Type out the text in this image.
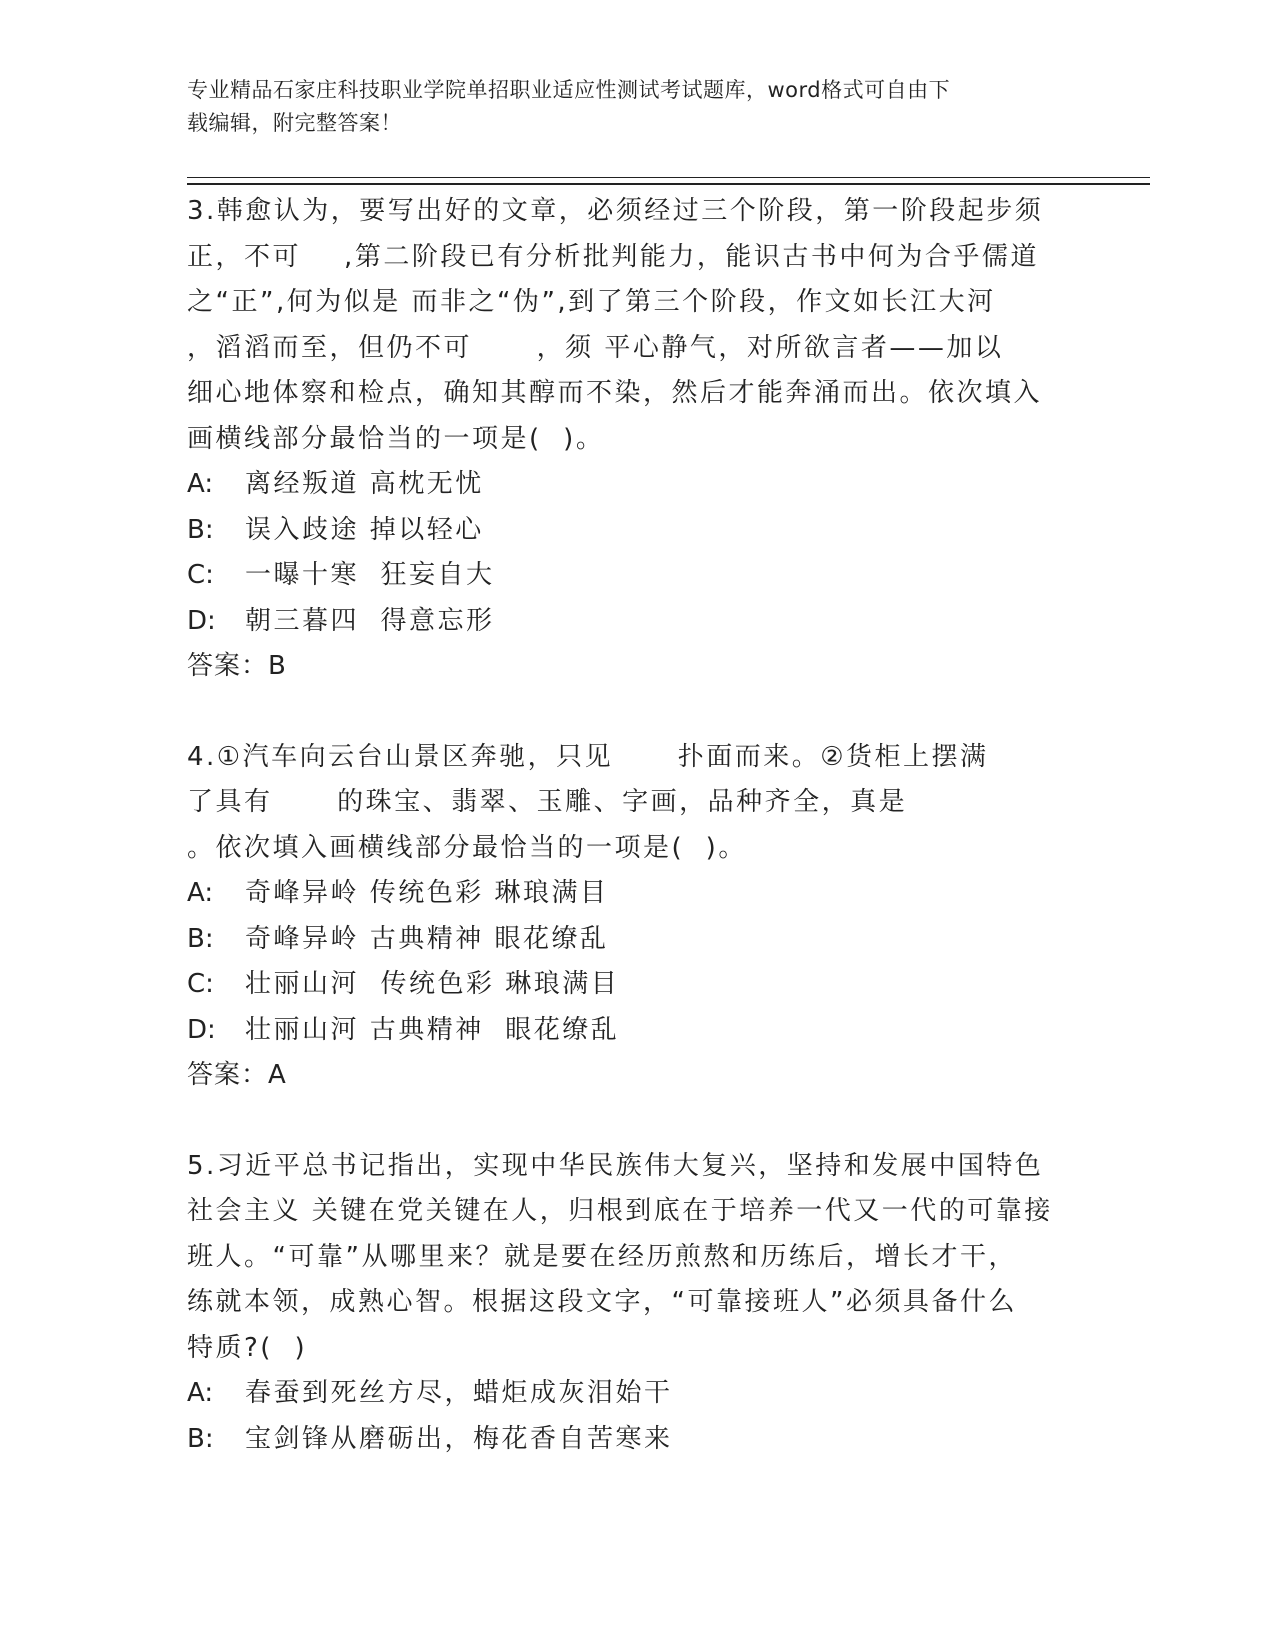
专业精品石家庄科技职业学院单招职业适应性测试考试题库，word格式可自由下

载编辑，附完整答案！

3.韩愈认为，要写出好的文章，必须经过三个阶段，第一阶段起步须

正，不可    ,第二阶段已有分析批判能力，能识古书中何为合乎儒道

之“正”,何为似是 而非之“伪”,到了第三个阶段，作文如长江大河

，滔滔而至，但仍不可      ，须 平心静气，对所欲言者——加以

细心地体察和检点，确知其醇而不染，然后才能奔涌而出。依次填入

画横线部分最恰当的一项是(  )。

A: 离经叛道 高枕无忧

B: 误入歧途 掉以轻心

C: 一曝十寒  狂妄自大

D: 朝三暮四  得意忘形

答案：B

4.①汽车向云台山景区奔驰，只见      扑面而来。②货柜上摆满

了具有      的珠宝、翡翠、玉雕、字画，品种齐全，真是

。依次填入画横线部分最恰当的一项是(  )。

A: 奇峰异岭 传统色彩 琳琅满目

B: 奇峰异岭 古典精神 眼花缭乱

C: 壮丽山河  传统色彩 琳琅满目

D: 壮丽山河 古典精神  眼花缭乱

答案：A

5.习近平总书记指出，实现中华民族伟大复兴，坚持和发展中国特色

社会主义 关键在党关键在人，归根到底在于培养一代又一代的可靠接

班人。“可靠”从哪里来？就是要在经历煎熬和历练后，增长才干，

练就本领，成熟心智。根据这段文字，“可靠接班人”必须具备什么

特质?(  )

A: 春蚕到死丝方尽，蜡炬成灰泪始干

B: 宝剑锋从磨砺出，梅花香自苦寒来
